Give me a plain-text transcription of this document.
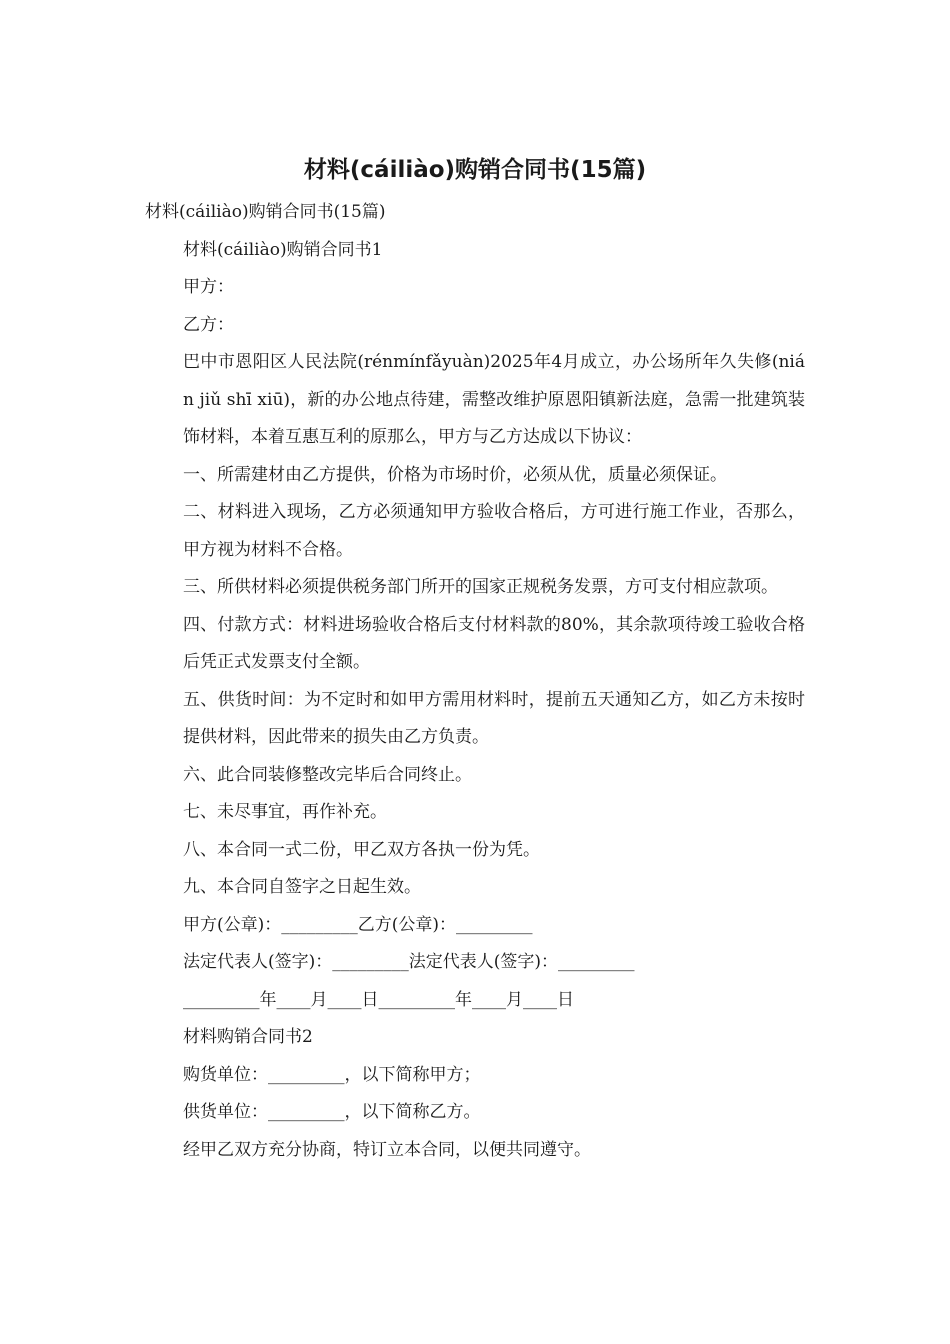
材料(cáiliào)购销合同书(15篇)

材料(cáiliào)购销合同书(15篇)

材料(cáiliào)购销合同书1

甲方：

乙方：

巴中市恩阳区人民法院(rénmínfǎyuàn)2025年4月成立，办公场所年久失修(nián jiǔ shī xiū)，新的办公地点待建，需整改维护原恩阳镇新法庭，急需一批建筑装饰材料，本着互惠互利的原那么，甲方与乙方达成以下协议：

一、所需建材由乙方提供，价格为市场时价，必须从优，质量必须保证。

二、材料进入现场，乙方必须通知甲方验收合格后，方可进行施工作业，否那么，甲方视为材料不合格。

三、所供材料必须提供税务部门所开的国家正规税务发票，方可支付相应款项。

四、付款方式：材料进场验收合格后支付材料款的80%，其余款项待竣工验收合格后凭正式发票支付全额。

五、供货时间：为不定时和如甲方需用材料时，提前五天通知乙方，如乙方未按时提供材料，因此带来的损失由乙方负责。

六、此合同装修整改完毕后合同终止。

七、未尽事宜，再作补充。

八、本合同一式二份，甲乙双方各执一份为凭。

九、本合同自签字之日起生效。

甲方(公章)：_________乙方(公章)：_________

法定代表人(签字)：_________法定代表人(签字)：_________

_________年____月____日_________年____月____日

材料购销合同书2

购货单位：_________，以下简称甲方；

供货单位：_________，以下简称乙方。

经甲乙双方充分协商，特订立本合同，以便共同遵守。
